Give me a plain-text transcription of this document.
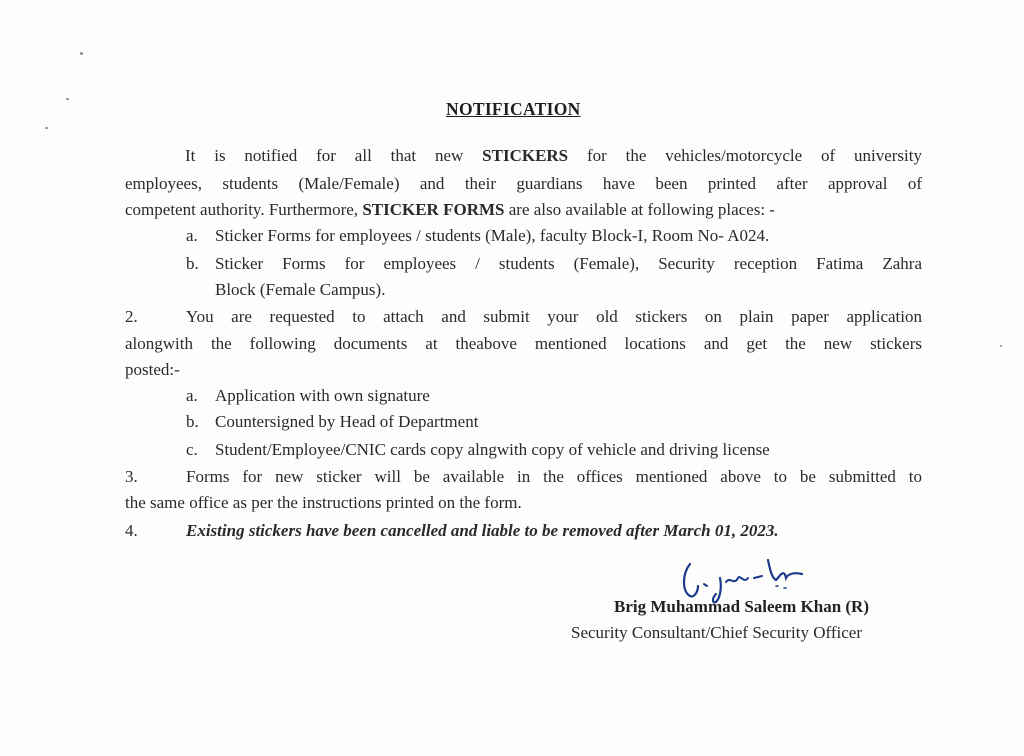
NOTIFICATION
It is notified for all that new STICKERS for the vehicles/motorcycle of university
employees, students (Male/Female) and their guardians have been printed after approval of
competent authority. Furthermore, STICKER FORMS are also available at following places: -
a. Sticker Forms for employees / students (Male), faculty Block-I, Room No- A024.
b. Sticker Forms for employees / students (Female), Security reception Fatima Zahra
Block (Female Campus).
2.	You are requested to attach and submit your old stickers on plain paper application
alongwith the following documents at theabove mentioned locations and get the new stickers
posted:-
a. Application with own signature
b. Countersigned by Head of Department
c. Student/Employee/CNIC cards copy alngwith copy of vehicle and driving license
3.	Forms for new sticker will be available in the offices mentioned above to be submitted to
the same office as per the instructions printed on the form.
4.	Existing stickers have been cancelled and liable to be removed after March 01, 2023.
Brig Muhammad Saleem Khan (R)
Security Consultant/Chief Security Officer
